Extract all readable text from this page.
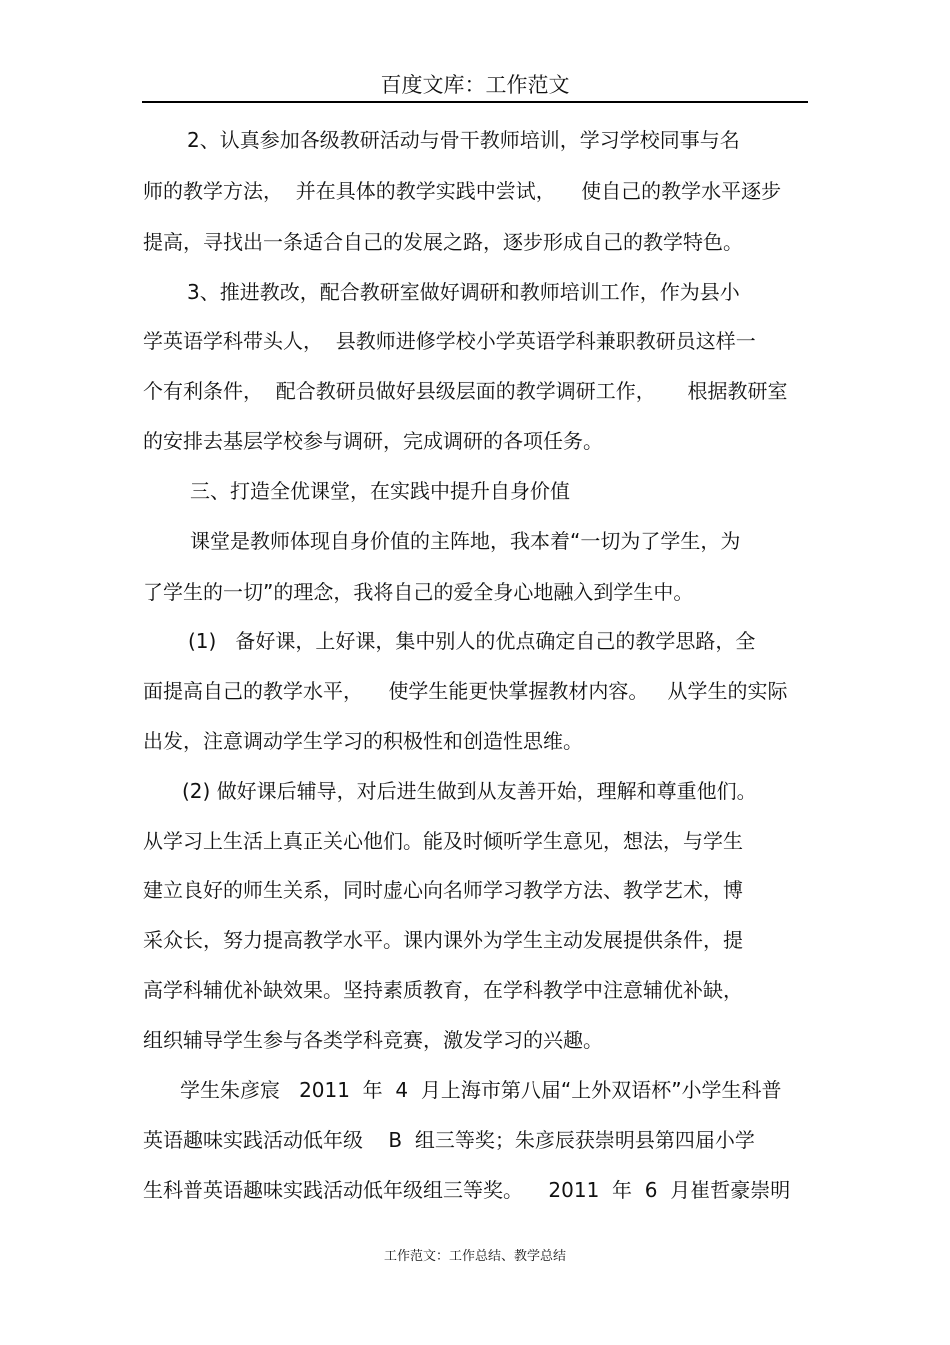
百度文库：工作范文
2、认真参加各级教研活动与骨干教师培训，学习学校同事与名
师的教学方法，  并在具体的教学实践中尝试，    使自己的教学水平逐步
提高，寻找出一条适合自己的发展之路，逐步形成自己的教学特色。
3、推进教改，配合教研室做好调研和教师培训工作，作为县小
学英语学科带头人，  县教师进修学校小学英语学科兼职教研员这样一
个有利条件，  配合教研员做好县级层面的教学调研工作，     根据教研室
的安排去基层学校参与调研，完成调研的各项任务。
三、打造全优课堂，在实践中提升自身价值
课堂是教师体现自身价值的主阵地，我本着“一切为了学生，为
了学生的一切”的理念，我将自己的爱全身心地融入到学生中。
(1)   备好课，上好课，集中别人的优点确定自己的教学思路，全
面提高自己的教学水平，    使学生能更快掌握教材内容。   从学生的实际
出发，注意调动学生学习的积极性和创造性思维。
(2) 做好课后辅导，对后进生做到从友善开始，理解和尊重他们。
从学习上生活上真正关心他们。能及时倾听学生意见，想法，与学生
建立良好的师生关系，同时虚心向名师学习教学方法、教学艺术，博
采众长，努力提高教学水平。课内课外为学生主动发展提供条件，提
高学科辅优补缺效果。坚持素质教育，在学科教学中注意辅优补缺，
组织辅导学生参与各类学科竞赛，激发学习的兴趣。
学生朱彦宸   2011  年  4  月上海市第八届“上外双语杯”小学生科普
英语趣味实践活动低年级    B  组三等奖；朱彦辰获崇明县第四届小学
生科普英语趣味实践活动低年级组三等奖。    2011  年  6  月崔哲豪崇明
工作范文：工作总结、教学总结
